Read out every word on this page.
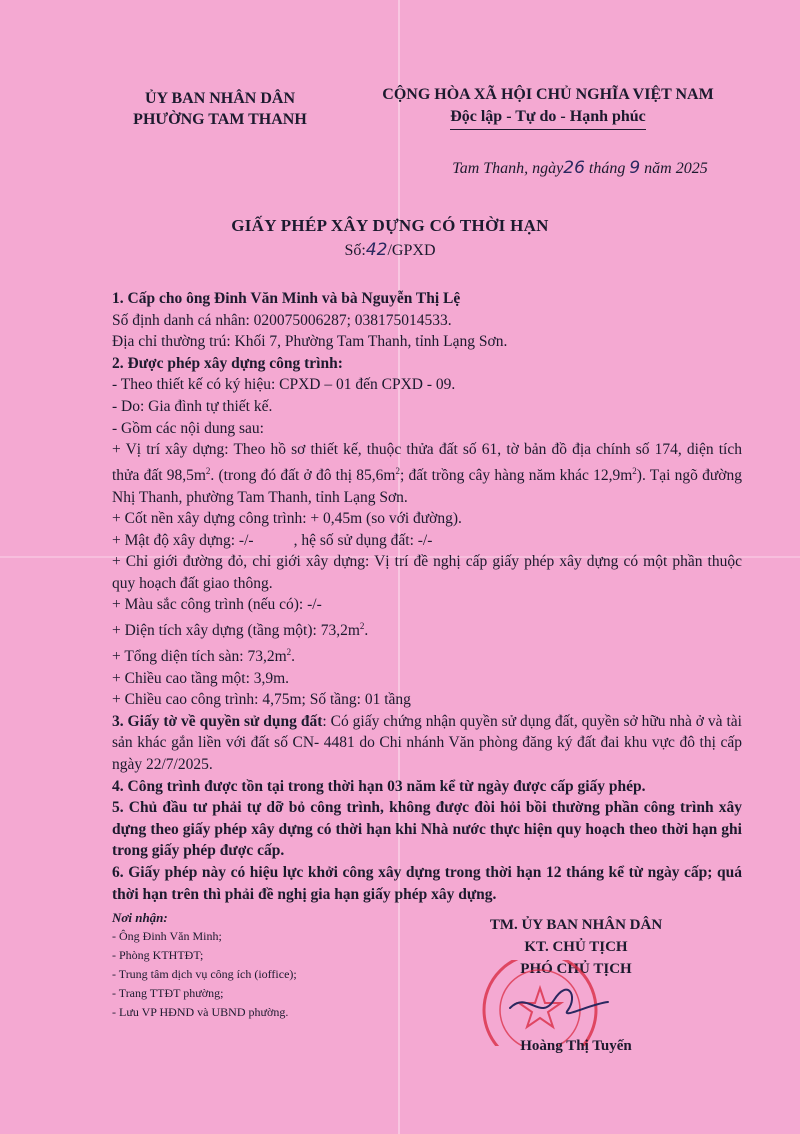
ỦY BAN NHÂN DÂN
PHƯỜNG TAM THANH
CỘNG HÒA XÃ HỘI CHỦ NGHĨA VIỆT NAM
Độc lập - Tự do - Hạnh phúc
Tam Thanh, ngày26 tháng 9 năm 2025
GIẤY PHÉP XÂY DỰNG CÓ THỜI HẠN
Số:42/GPXD

1. Cấp cho ông Đinh Văn Minh và bà Nguyễn Thị Lệ

Số định danh cá nhân: 020075006287; 038175014533.

Địa chỉ thường trú: Khối 7, Phường Tam Thanh, tỉnh Lạng Sơn.

2. Được phép xây dựng công trình:

- Theo thiết kế có ký hiệu: CPXD – 01 đến CPXD - 09.

- Do: Gia đình tự thiết kế.

- Gồm các nội dung sau:

+ Vị trí xây dựng: Theo hồ sơ thiết kế, thuộc thửa đất số 61, tờ bản đồ địa chính số 174, diện tích thửa đất $98,5m^2$. (trong đó đất ở đô thị $85,6m^2$; đất trồng cây hàng năm khác $12,9m^2$). Tại ngõ đường Nhị Thanh, phường Tam Thanh, tỉnh Lạng Sơn.

+ Cốt nền xây dựng công trình: + 0,45m (so với đường).

+ Mật độ xây dựng: -/-	, hệ số sử dụng đất: -/-

+ Chỉ giới đường đỏ, chỉ giới xây dựng: Vị trí đề nghị cấp giấy phép xây dựng có một phần thuộc quy hoạch đất giao thông.

+ Màu sắc công trình (nếu có): -/-

+ Diện tích xây dựng (tầng một): $73,2m^2$.

+ Tổng diện tích sàn: $73,2m^2$.

+ Chiều cao tầng một: 3,9m.

+ Chiều cao công trình: 4,75m; Số tầng: 01 tầng

3. Giấy tờ về quyền sử dụng đất: Có giấy chứng nhận quyền sử dụng đất, quyền sở hữu nhà ở và tài sản khác gắn liền với đất số CN- 4481 do Chi nhánh Văn phòng đăng ký đất đai khu vực đô thị cấp ngày 22/7/2025.

4. Công trình được tồn tại trong thời hạn 03 năm kể từ ngày được cấp giấy phép.

5. Chủ đầu tư phải tự dỡ bỏ công trình, không được đòi hỏi bồi thường phần công trình xây dựng theo giấy phép xây dựng có thời hạn khi Nhà nước thực hiện quy hoạch theo thời hạn ghi trong giấy phép được cấp.

6. Giấy phép này có hiệu lực khởi công xây dựng trong thời hạn 12 tháng kể từ ngày cấp; quá thời hạn trên thì phải đề nghị gia hạn giấy phép xây dựng.

Nơi nhận:
- Ông Đinh Văn Minh;
- Phòng KTHTĐT;
- Trung tâm dịch vụ công ích (ioffice);
- Trang TTĐT phường;
- Lưu VP HĐND và UBND phường.
TM. ỦY BAN NHÂN DÂN
KT. CHỦ TỊCH
PHÓ CHỦ TỊCH
Hoàng Thị Tuyến
